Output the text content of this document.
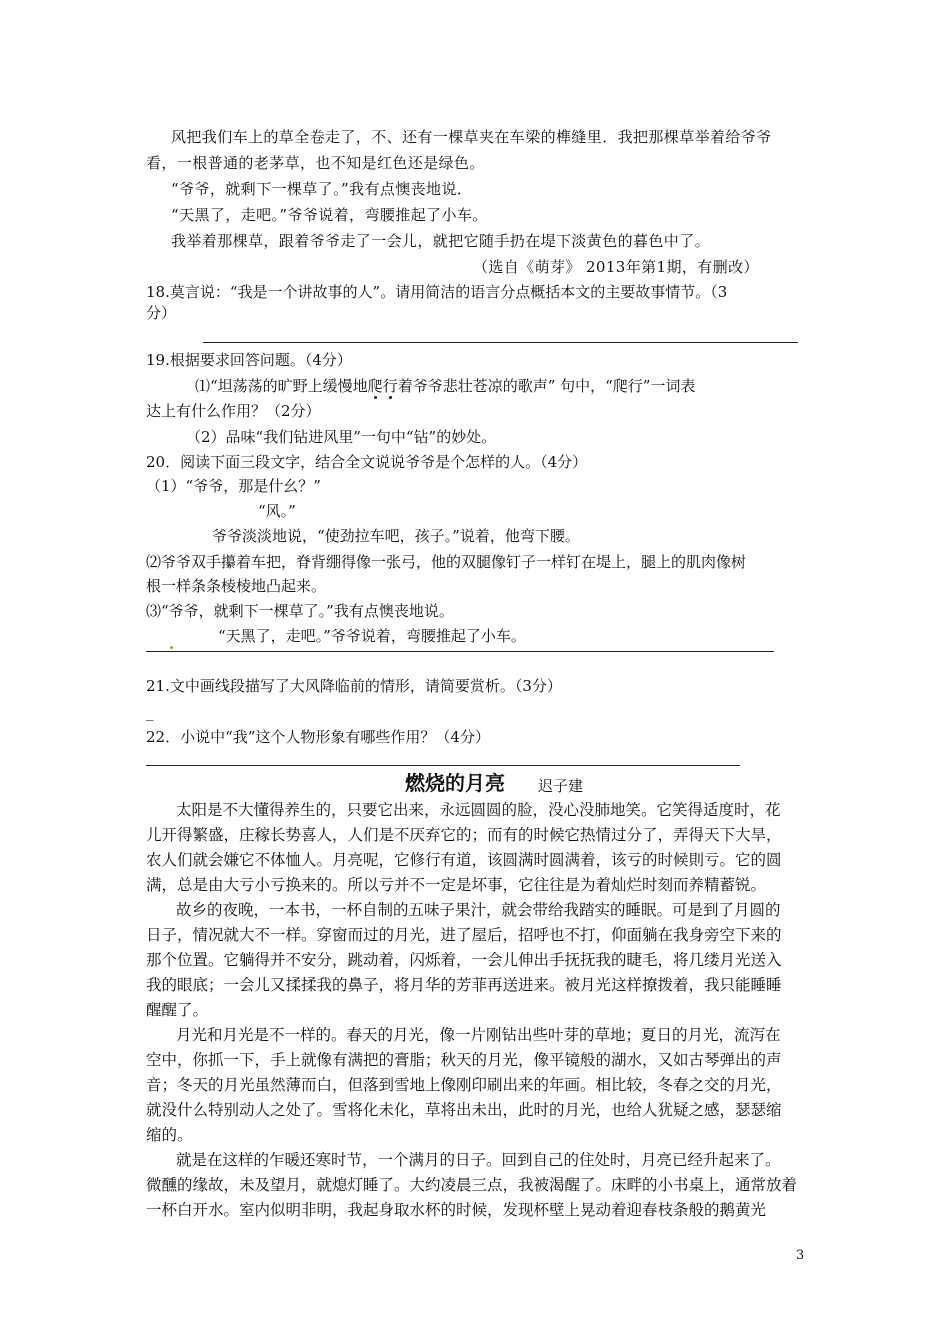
风把我们车上的草全卷走了，不、还有一棵草夹在车梁的榫缝里．我把那棵草举着给爷爷
看，一根普通的老茅草，也不知是红色还是绿色。
“爷爷，就剩下一棵草了。”我有点懊丧地说．
“天黑了，走吧。”爷爷说着，弯腰推起了小车。
我举着那棵草，跟着爷爷走了一会儿，就把它随手扔在堤下淡黄色的暮色中了。
（选自《萌芽》 2013年第1期，有删改）
18.莫言说：“我是一个讲故事的人”。请用简洁的语言分点概括本文的主要故事情节。（3
分）
19.根据要求回答问题。（4分）
⑴“坦荡荡的旷野上缓慢地爬行着爷爷悲壮苍凉的歌声” 句中，“爬行”一词表
达上有什么作用？（2分）
（2）品味“我们钻进风里”一句中“钻”的妙处。
20．阅读下面三段文字，结合全文说说爷爷是个怎样的人。（4分）
（1）“爷爷，那是什幺？”
“风。”
爷爷淡淡地说，“使劲拉车吧，孩子。”说着，他弯下腰。
⑵爷爷双手攥着车把，脊背绷得像一张弓，他的双腿像钉子一样钉在堤上，腿上的肌肉像树
根一样条条棱棱地凸起来。
⑶“爷爷，就剩下一棵草了。”我有点懊丧地说。
“天黑了，走吧。”爷爷说着，弯腰推起了小车。
21.文中画线段描写了大风降临前的情形，请简要赏析。（3分）
_
22．小说中“我”这个人物形象有哪些作用？（4分）
燃烧的月亮 迟子建
太阳是不大懂得养生的，只要它出来，永远圆圆的脸，没心没肺地笑。它笑得适度时，花
儿开得繁盛，庄稼长势喜人，人们是不厌弃它的；而有的时候它热情过分了，弄得天下大旱，
农人们就会嫌它不体恤人。月亮呢，它修行有道，该圆满时圆满着，该亏的时候則亏。它的圆
满，总是由大亏小亏换来的。所以亏并不一定是坏事，它往往是为着灿烂时刻而养精蓄锐。
故乡的夜晚，一本书，一杯自制的五味子果汁，就会带给我踏实的睡眠。可是到了月圆的
日子，情况就大不一样。穿窗而过的月光，进了屋后，招呼也不打，仰面躺在我身旁空下来的
那个位置。它躺得并不安分，跳动着，闪烁着，一会儿伸出手抚抚我的睫毛，将几缕月光送入
我的眼底；一会儿又揉揉我的鼻子，将月华的芳菲再送进来。被月光这样撩拨着，我只能睡睡
醒醒了。
月光和月光是不一样的。春天的月光，像一片刚钻出些叶芽的草地；夏日的月光，流泻在
空中，你抓一下，手上就像有满把的膏脂；秋天的月光，像平镜般的湖水，又如古琴弹出的声
音；冬天的月光虽然薄而白，但落到雪地上像刚印刷出来的年画。相比较，冬春之交的月光，
就没什么特别动人之处了。雪将化未化，草将出未出，此时的月光，也给人犹疑之感，瑟瑟缩
缩的。
就是在这样的乍暖还寒时节，一个满月的日子。回到自己的住处时，月亮已经升起来了。
微醺的缘故，未及望月，就熄灯睡了。大约凌晨三点，我被渴醒了。床畔的小书桌上，通常放着
一杯白开水。室内似明非明，我起身取水杯的时候，发现杯壁上晃动着迎春枝条般的鹅黄光
3
